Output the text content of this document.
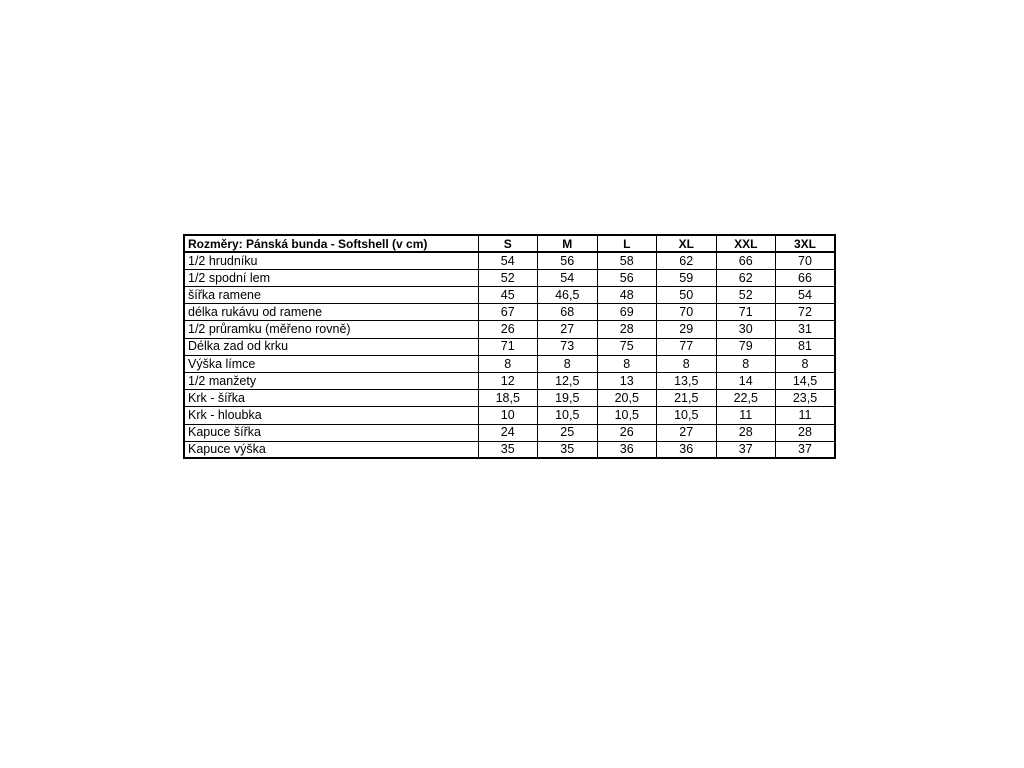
Rozměry: Pánská bunda - Softshell (v cm)	S	M	L	XL	XXL	3XL
1/2 hrudníku	54	56	58	62	66	70
1/2 spodní lem	52	54	56	59	62	66
šířka ramene	45	46,5	48	50	52	54
délka rukávu od ramene	67	68	69	70	71	72
1/2 průramku (měřeno rovně)	26	27	28	29	30	31
Délka zad od krku	71	73	75	77	79	81
Výška límce	8	8	8	8	8	8
1/2 manžety	12	12,5	13	13,5	14	14,5
Krk - šířka	18,5	19,5	20,5	21,5	22,5	23,5
Krk - hloubka	10	10,5	10,5	10,5	11	11
Kapuce šířka	24	25	26	27	28	28
Kapuce výška	35	35	36	36	37	37
